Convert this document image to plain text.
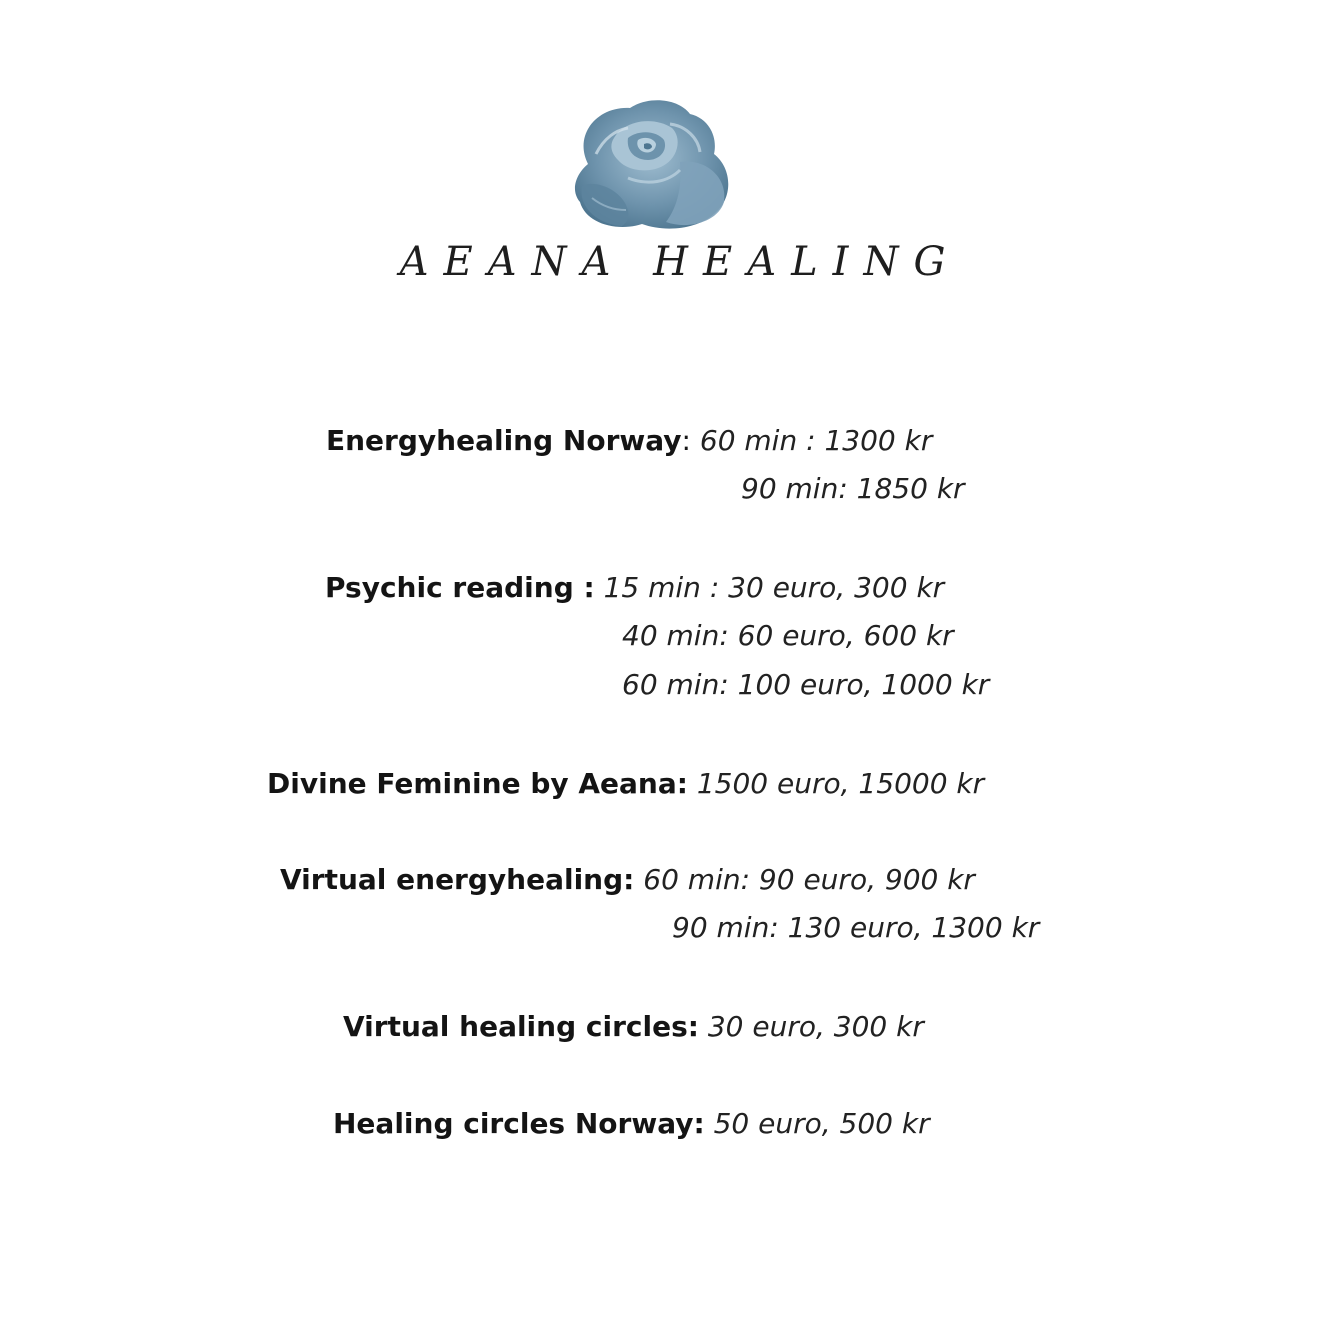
AEANA HEALING
Energyhealing Norway: 60 min : 1300 kr
90 min: 1850 kr
Psychic reading : 15 min : 30 euro, 300 kr
40 min: 60 euro, 600 kr
60 min: 100 euro, 1000 kr
Divine Feminine by Aeana: 1500 euro, 15000 kr
Virtual energyhealing: 60 min: 90 euro, 900 kr
90 min: 130 euro, 1300 kr
Virtual healing circles: 30 euro, 300 kr
Healing circles Norway: 50 euro, 500 kr
